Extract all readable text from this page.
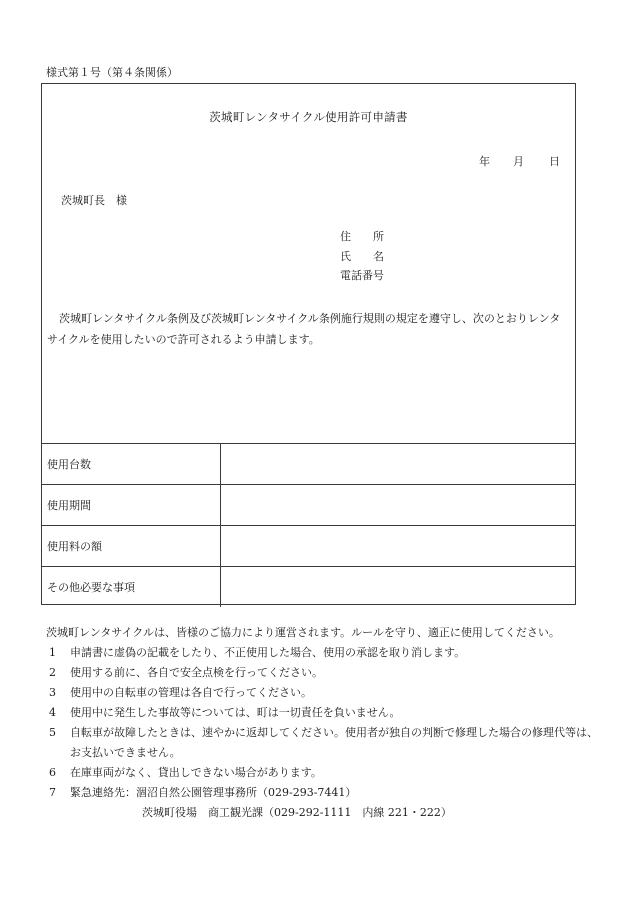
様式第１号（第４条関係）
茨城町レンタサイクル使用許可申請書
年 月 日
茨城町長　様
住　　所
氏　　名
電話番号
茨城町レンタサイクル条例及び茨城町レンタサイクル条例施行規則の規定を遵守し、次のとおりレンタサイクルを使用したいので許可されるよう申請します。
使用台数	
使用期間	
使用料の額	
その他必要な事項	
茨城町レンタサイクルは、皆様のご協力により運営されます。ルールを守り、適正に使用してください。
1 申請書に虚偽の記載をしたり、不正使用した場合、使用の承認を取り消します。
2 使用する前に、各自で安全点検を行ってください。
3 使用中の自転車の管理は各自で行ってください。
4 使用中に発生した事故等については、町は一切責任を負いません。
5 自転車が故障したときは、速やかに返却してください。使用者が独自の判断で修理した場合の修理代等は、お支払いできません。
6 在庫車両がなく、貸出しできない場合があります。
7 緊急連絡先：涸沼自然公園管理事務所（029-293-7441）
茨城町役場　商工観光課（029-292-1111　内線 221・222）
